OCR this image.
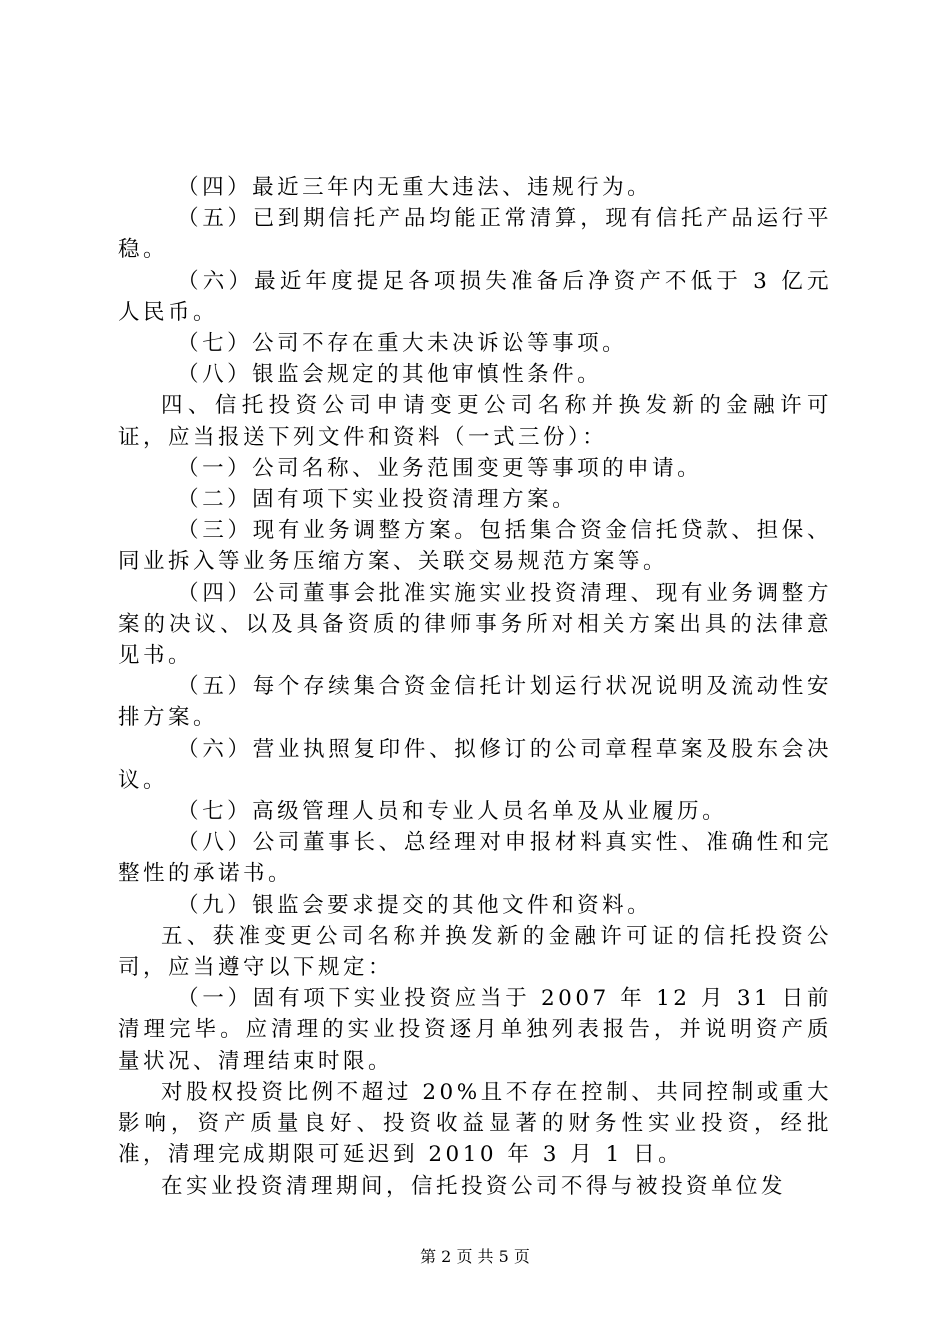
（四）最近三年内无重大违法、违规行为。

（五）已到期信托产品均能正常清算，现有信托产品运行平稳。

（六）最近年度提足各项损失准备后净资产不低于 3 亿元人民币。

（七）公司不存在重大未决诉讼等事项。

（八）银监会规定的其他审慎性条件。

四、信托投资公司申请变更公司名称并换发新的金融许可证，应当报送下列文件和资料（一式三份）：

（一）公司名称、业务范围变更等事项的申请。

（二）固有项下实业投资清理方案。

（三）现有业务调整方案。包括集合资金信托贷款、担保、同业拆入等业务压缩方案、关联交易规范方案等。

（四）公司董事会批准实施实业投资清理、现有业务调整方案的决议、以及具备资质的律师事务所对相关方案出具的法律意见书。

（五）每个存续集合资金信托计划运行状况说明及流动性安排方案。

（六）营业执照复印件、拟修订的公司章程草案及股东会决议。

（七）高级管理人员和专业人员名单及从业履历。

（八）公司董事长、总经理对申报材料真实性、准确性和完整性的承诺书。

（九）银监会要求提交的其他文件和资料。

五、获准变更公司名称并换发新的金融许可证的信托投资公司，应当遵守以下规定：

（一）固有项下实业投资应当于 2007 年 12 月 31 日前清理完毕。应清理的实业投资逐月单独列表报告，并说明资产质量状况、清理结束时限。

对股权投资比例不超过 20%且不存在控制、共同控制或重大影响，资产质量良好、投资收益显著的财务性实业投资，经批准，清理完成期限可延迟到 2010 年 3 月 1 日。

在实业投资清理期间，信托投资公司不得与被投资单位发

第 2 页 共 5 页
